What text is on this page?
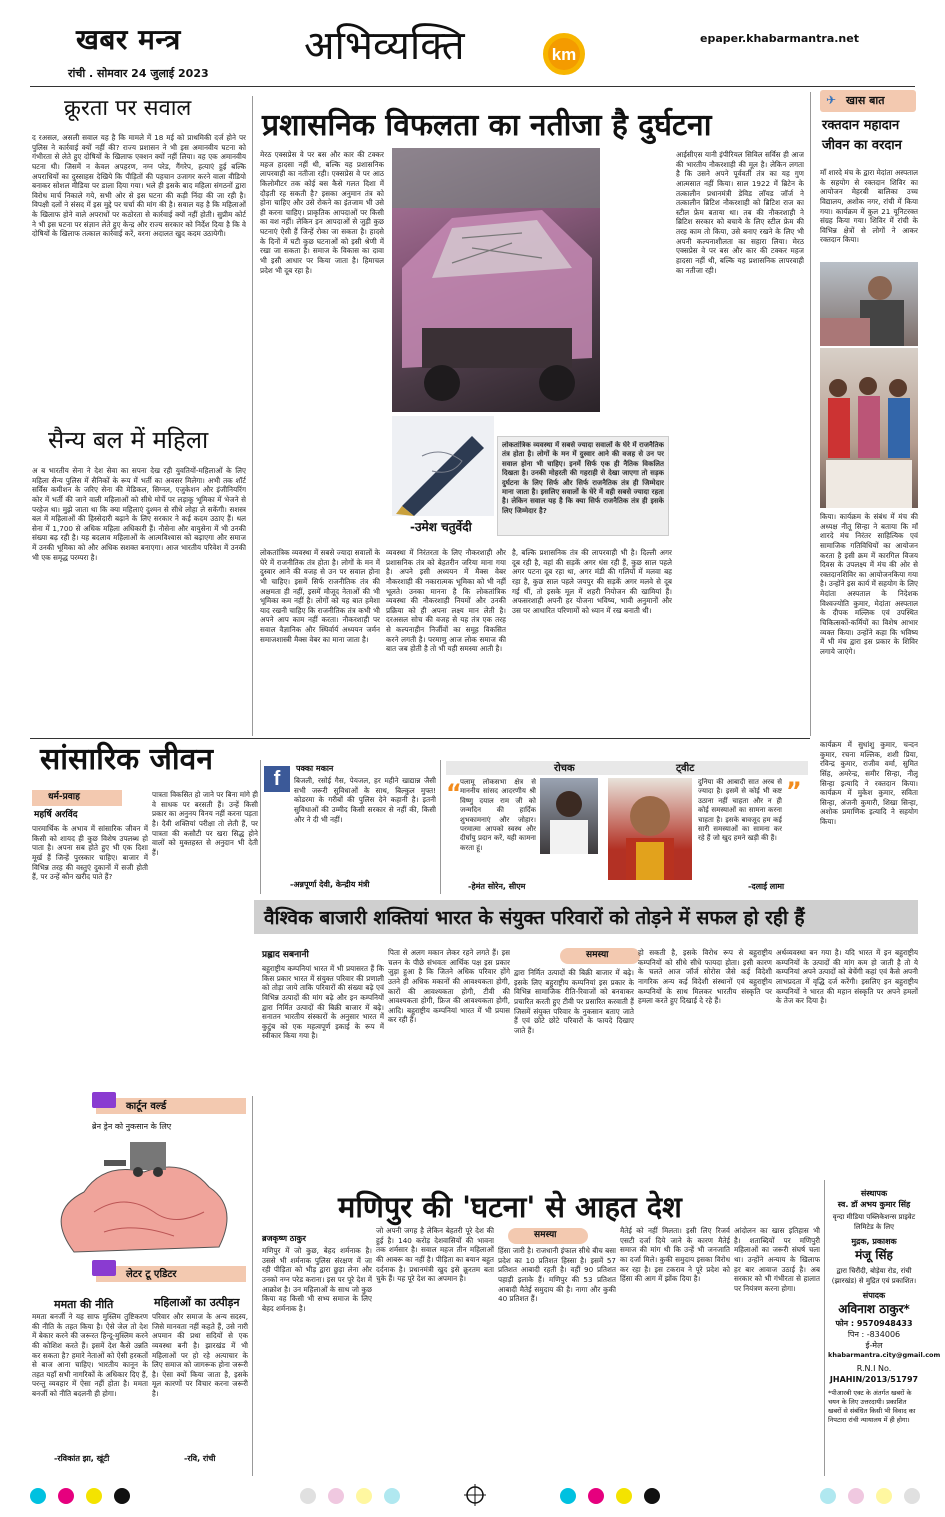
खबर मन्त्र
रांची . सोमवार 24 जुलाई 2023
अभिव्यक्ति	km
epaper.khabarmantra.net
क्रूरता पर सवाल
द रअसल, असली सवाल यह है कि मामले में 18 मई को प्राथमिकी दर्ज होने पर पुलिस ने कार्रवाई क्यों नहीं की? राज्य प्रशासन ने भी इस अमानवीय घटना को गंभीरता से लेते हुए दोषियों के खिलाफ एक्शन क्यों नहीं लिया। वह एक अमानवीय घटना थी। जिसमें न केवल अपहरण, नग्न परेड, गैंगरेप, हत्याएं हुई बल्कि अपराधियों का दुस्साहस देखिये कि पीड़ितों की पहचान उजागर करने वाला वीडियो बनाकर सोशल मीडिया पर डाला दिया गया। भले ही इसके बाद महिला संगठनों द्वारा विरोध मार्च निकाले गये, सभी ओर से इस घटना की कड़ी निंदा की जा रही है। विपक्षी दलों ने संसद में इस मुद्दे पर चर्चा की मांग की है। सवाल यह है कि महिलाओं के खिलाफ होने वाले अपराधों पर कठोरता से कार्रवाई क्यों नहीं होती। सुप्रीम कोर्ट ने भी इस घटना पर संज्ञान लेते हुए केन्द्र और राज्य सरकार को निर्देश दिया है कि वे दोषियों के खिलाफ तत्काल कार्रवाई करें, वरना अदालत खुद कदम उठायेगी।
सैन्य बल में महिला
अ ब भारतीय सेना ने देश सेवा का सपना देख रही युवतियों-महिलाओं के लिए महिला सैन्य पुलिस में सैनिकों के रूप में भर्ती का अवसर मिलेगा। अभी तक शॉर्ट सर्विस कमीशन के जरिए सेना की मेडिकल, सिग्नल, एजुकेशन और इंजीनियरिंग कोर में भर्ती की जाने वाली महिलाओं को सीधे मोर्चे पर लड़ाकू भूमिका में भेजने से परहेज था। मुझे जाता था कि क्या महिलाएं दुश्मन से सीधे लोहा ले सकेंगी। सशस्त्र बल में महिलाओं की हिस्सेदारी बढ़ाने के लिए सरकार ने कई कदम उठाए हैं। थल सेना में 1,700 से अधिक महिला अधिकारी हैं। नौसेना और वायुसेना में भी उनकी संख्या बढ़ रही है। यह बदलाव महिलाओं के आत्मविश्वास को बढ़ाएगा और समाज में उनकी भूमिका को और अधिक सशक्त बनाएगा। आज भारतीय परिवेश में उनकी भी एक समृद्ध परम्परा है।
प्रशासनिक विफलता का नतीजा है दुर्घटना
मेरठ एक्सप्रेस वे पर बस और कार की टक्कर महज हादसा नहीं थी, बल्कि यह प्रशासनिक लापरवाही का नतीजा रही। एक्सप्रेस वे पर आठ किलोमीटर तक कोई बस कैसे गलत दिशा में दौड़ती रह सकती है? इसका अनुमान तंत्र को होना चाहिए और उसे रोकने का इंतजाम भी उसे ही करना चाहिए। प्राकृतिक आपदाओं पर किसी का वश नहीं। लेकिन इन आपदाओं से जुड़ी कुछ घटनाएं ऐसी हैं जिन्हें रोका जा सकता है। हादसे के दिनों में घटी कुछ घटनाओं को इसी श्रेणी में रखा जा सकता है। समाज के विकास का दावा भी इसी आधार पर किया जाता है। हिमाचल प्रदेश भी दूब रहा है।
-उमेश चतुर्वेदी
लोकतांत्रिक व्यवस्था में सबसे ज्यादा सवालों के घेरे में राजनैतिक तंत्र होता है। लोगों के मन में दुस्वार आने की वजह से उन पर सवाल होना भी चाहिए। इनमें सिर्फ एक ही नैतिक विकलित दिखता है। उनकी मोहरती की गहराही से देखा जाएगा तो सड़क दुर्घटना के लिए सिर्फ और सिर्फ राजनैतिक तंत्र ही जिम्मेदार माना जाता है। इसलिए सवालों के घेरे में वही सबसे ज्यादा रहता है। लेकिन सवाल यह है कि क्या सिर्फ राजनैतिक तंत्र ही इसके लिए जिम्मेदार है?
लोकतांत्रिक व्यवस्था में सबसे ज्यादा सवालों के घेरे में राजनीतिक तंत्र होता है। लोगों के मन में दुस्वार आने की वजह से उन पर सवाल होना भी चाहिए। इसमें सिर्फ राजनीतिक तंत्र की अक्षमता ही नहीं, इसमें मौजूद नेताओं की भी भूमिका कम नहीं है। लोगों को यह बात हमेशा याद रखनी चाहिए कि राजनीतिक तंत्र कभी भी अपने आप काम नहीं करता। नौकरशाही पर सवाल वैज्ञानिक और स्थिर्वार्य अध्ययन जर्मन समाजशास्त्री मैक्स वेबर का माना जाता है।
व्यवस्था में निरंतरता के लिए नौकरशाही और प्रशासनिक तंत्र को बेहतरीन जरिया माना गया है। अपने इसी अध्ययन में मैक्स वेबर नौकरशाही की नकारात्मक भूमिका को भी नहीं भूलते। उनका मानना है कि लोकतांत्रिक व्यवस्था की नौकरशाही नियमों और उनकी प्रक्रिया को ही अपना लक्ष्य मान लेती है। दरअसल सोच की वजह से यह तंत्र एक तरह से कल्पनाहीन निर्जीवों का समूह विकसित करने लगती है। परमाणु आज लोक समाज की बात जब होती है तो भी यही समस्या आती है।
है, बल्कि प्रशासनिक तंत्र की लापरवाही भी है। दिल्ली अगर दूब रही है, वहां की सड़कें अगर धंस रही हैं, कुछ साल पहले अगर पटना दूब रहा था, अगर मंडी की गलियों में मलवा बह रहा है, कुछ साल पहले जयपुर की सड़कें अगर मलवे से दूब गई थीं, तो इसके मूल में शहरी नियोजन की खामियां हैं। अफसरशाही अपनी हर योजना भविष्य, भावी अनुमानों और उस पर आधारित परिणामों को ध्यान में रख बनाती थी।
आईसीएस यानी इंपीरियल सिविल सर्विस ही आज की भारतीय नौकरशाही की मूल है। लेकिन लगता है कि उसने अपने पूर्ववर्ती तंत्र का यह गुण आत्मसात नहीं किया। साल 1922 में ब्रिटेन के तत्कालीन प्रधानमंत्री डेविड लॉयड जॉर्ज ने तत्कालीन ब्रिटिश नौकरशाही को ब्रिटिश राज का स्टील फ्रेम बताया था। तब की नौकरशाही ने ब्रिटिश सरकार को बचाये के लिए स्टील फ्रेम की तरह काम तो किया, उसे बनाए रखने के लिए भी अपनी कल्पनाशीलता का सहारा लिया। मेरठ एक्सप्रेस वे पर बस और कार की टक्कर महज हादसा नहीं थी, बल्कि यह प्रशासनिक लापरवाही का नतीजा रही।
खास बात
✈
रक्तदान महादान जीवन का वरदान
माँ शारदे मंच के द्वारा मेदांता अस्पताल के सहयोग से रक्तदान शिविर का आयोजन मेहरबी बालिका उच्च विद्यालय, अशोक नगर, रांची में किया गया। कार्यक्रम में कुल 21 यूनिटरक्त संग्रह किया गया। शिविर में रांची के विभिन्न क्षेत्रों से लोगों ने आकर रक्तदान किया।
किया। कार्यक्रम के संबंध में मंच की अध्यक्ष नीतू सिन्हा ने बताया कि माँ शारदे मंच निरंतर साहित्यिक एवं सामाजिक गतिविधियों का आयोजन करता है इसी क्रम में कारगिल विजय दिवस के उपलक्ष्य में मंच की ओर से रक्तदानशिविर का आयोजनकिया गया है। उन्होंने इस कार्य में सहयोग के लिए मेदांता अस्पताल के निदेशक विश्वज्योति कुमार, मेदांता अस्पताल के दीपक मल्लिक एवं उपस्थित चिकित्सकों-कर्मियों का विशेष आभार व्यक्त किया। उन्होंने कहा कि भविष्य में भी मंच द्वारा इस प्रकार के शिविर लगाये जाएंगे।
सांसारिक जीवन
धर्म-प्रवाह
महर्षि अरविंद
पारमार्थिक के अभाव में सांसारिक जीवन में किसी को शायद ही कुछ विशेष उपलब्ध हो पाता है। अपना सब होते हुए भी एक दिशा मूर्ख हैं जिन्हें पुरस्कार चाहिए। बाजार में विभिन्न तरह की वस्तुएं दुकानों में सजी होती हैं, पर उन्हें कौन खरीद पाते हैं?
पात्रता विकसित हो जाने पर बिना मांगे ही वे साधक पर बरसती हैं। उन्हें किसी प्रकार का अनुनय विनय नहीं करना पड़ता है। दैवी शक्तियां परीक्षा तो लेती हैं, पर पात्रता की कसौटी पर खरा सिद्ध होने वालों को मुक्तहस्त से अनुदान भी देती हैं।
f	पक्का मकान
बिजली, रसोई गैस, पेयजल, हर महीने खाद्यान्न जैसी सभी जरूरी सुविधाओं के साथ, बिल्कुल मुफ्त! कोडरमा के गरीबों की पुलिस देने कहानी है। इतनी सुविधाओं की उम्मीद किसी सरकार से नहीं की, किसी और ने दी भी नहीं।
-अन्नपूर्णा देवी, केन्द्रीय मंत्री
रोचक	ट्वीट
“
पलामू लोकसभा क्षेत्र से माननीय सांसद आदरणीय श्री विष्णु दयाल राम जी को जन्मदिन की हार्दिक शुभकामनाएं और जोहार। परमात्मा आपको स्वस्थ और दीर्घायु प्रदान करें, यही कामना करता हूं।
-हेमंत सोरेन, सीएम
दुनिया की आबादी सात अरब से ज्यादा है। इसमें से कोई भी कष्ट उठाना नहीं चाहता और न ही कोई समस्याओं का सामना करना चाहता है। इसके बावजूद हम कई सारी समस्याओं का सामना कर रहे हैं जो खुद हमने खड़ी की हैं।
”
-दलाई लामा
कार्यक्रम में सुधांशु कुमार, चन्दन कुमार, रचना मल्लिक, शशी प्रिया, रविन्द्र कुमार, राजीव वर्मा, सुमित सिंह, अमरेन्द्र, समीर सिन्हा, नीलू सिन्हा इत्यादि ने रक्तदान किया। कार्यक्रम में मुकेश कुमार, सविता सिन्हा, अंजनी कुमारी, शिखा सिन्हा, अशोक प्रमाणिक इत्यादि ने सहयोग किया।
वैश्विक बाजारी शक्तियां भारत के संयुक्त परिवारों को तोड़ने में सफल हो रही हैं
समस्या
प्रह्लाद सबनानी
बहुराष्ट्रीय कम्पनियां भारत में भी प्रयासरत हैं कि किस प्रकार भारत में संयुक्त परिवार की प्रणाली को तोड़ा जाये ताकि परिवारों की संख्या बढ़े एवं विभिन्न उत्पादों की मांग बढ़े और इन कम्पनियों द्वारा निर्मित उत्पादों की बिक्री बाजार में बढ़े। सनातन भारतीय संस्कारों के अनुसार भारत में कुटुंब को एक महत्वपूर्ण इकाई के रूप में स्वीकार किया गया है।
पिता से अलग मकान लेकर रहने लगते हैं। इस चलन के पीछे संभवतः आर्थिक पक्ष इस प्रकार जुड़ा हुआ है कि जितने अधिक परिवार होंगे उतने ही अधिक मकानों की आवश्यकता होगी, कारों की आवश्यकता होगी, टीवी की आवश्यकता होगी, फ्रिज की आवश्यकता होगी, आदि। बहुराष्ट्रीय कम्पनियां भारत में भी प्रयास कर रही हैं।
द्वारा निर्मित उत्पादों की बिक्री बाजार में बढ़े। इसके लिए बहुराष्ट्रीय कम्पनियां इस प्रकार के विभिन्न सामाजिक रीति-रिवाजों को बनवाकर प्रचारित करती हुए टीवी पर प्रसारित करवाती हैं जिसमें संयुक्त परिवार के नुकसान बताए जाते हैं एवं छोटे छोटे परिवारों के फायदे दिखाए जाते हैं।
हो सकती है, इसके विरोध रूप से बहुराष्ट्रीय कम्पनियों को सीधे सीधे फायदा होता। इसी कारण के चलते आज जॉर्ज सोरोस जैसे कई विदेशी नागरिक अन्य कई विदेशी संस्थानों एवं बहुराष्ट्रीय कम्पनियों के साथ मिलकर भारतीय संस्कृति पर हमला करते हुए दिखाई दे रहे हैं।
अर्थव्यवस्था बन गया है। यदि भारत में इन बहुराष्ट्रीय कम्पनियों के उत्पादों की मांग कम हो जाती है तो ये कम्पनियां अपने उत्पादों को बेचेंगी कहां एवं कैसे अपनी लाभप्रदता में वृद्धि दर्ज करेंगी। इसलिए इन बहुराष्ट्रीय कम्पनियों ने भारत की महान संस्कृति पर अपने हमलों के तेज कर दिया है।
कार्टून वर्ल्ड
ब्रेन ड्रेन को नुकसान के लिए
लेटर टू एडिटर
ममता की नीति
ममता बनर्जी ने यह साफ मुस्लिम तुष्टिकरण की नीति के तहत किया है। ऐसे जेल तो देश में बेकार करने की जरूरत हिन्दू-मुस्लिम करने की कोशिश करते हैं। इसमें देश कैसे उन्नति कर सकता है? हमारे नेताओं को ऐसी हरकतों से बाज आना चाहिए। भारतीय कानून के तहत यहाँ सभी नागरिकों के अधिकार दिए हैं, परन्तु व्यवहार में ऐसा नहीं होता है। ममता बनर्जी को नीति बदलनी ही होगा।
-रविकांत झा, खूंटी
महिलाओं का उत्पीड़न
परिवार और समाज के अन्य सदस्य, जिसे मानवता नहीं कहते हैं, उसे नारी अपमान की प्रथा सदियों से एक व्यवस्था बनी है। झारखंड में भी महिलाओं पर हो रहे अत्याचार के लिए समाज को जागरूक होना जरूरी है। ऐसा क्यों किया जाता है, इसके मूल कारणों पर विचार करना जरूरी है।
-रवि, रांची
मणिपुर की 'घटना' से आहत देश
समस्या
ब्रजकृष्ण ठाकुर
मणिपुर में जो कुछ, बेहद शर्मनाक है। उससे भी शर्मनाक पुलिस संरक्षण में जा रही पीड़िता को भीड़ द्वारा छुड़ा लेना और उनको नग्न परेड कराना। इस पर पूरे देश में आक्रोश है। उन महिलाओं के साथ जो कुछ किया वह किसी भी सभ्य समाज के लिए बेहद शर्मनाक है।
जो अपनी जगह है लेकिन बेहतरी पूरे देश की हुई है। 140 करोड़ देशवासियों की भावना तक शर्मसार है। सवाल महज तीन महिलाओं की आबरू का नहीं है। पीड़िता का बयान बहुत दर्दनाक है। प्रधानमंत्री खुद इसे क्रूरतम बता चुके हैं। यह पूरे देश का अपमान है।
हिंसा जारी है। राजधानी इंफाल सीधे बीच बसा प्रदेश का 10 प्रतिशत हिस्सा है। इसमें 57 प्रतिशत आबादी रहती है। वहीं 90 प्रतिशत पहाड़ी इलाके हैं। मणिपुर की 53 प्रतिशत आबादी मैतेई समुदाय की है। नागा और कुकी 40 प्रतिशत हैं।
मैतेई को नहीं मिलता। इसी लिए रिजर्व एसटी दर्जा दिये जाने के कारण मैतेई समाज की मांग थी कि उन्हें भी जनजाति का दर्जा मिले। कुकी समुदाय इसका विरोध कर रहा है। इस टकराव ने पूरे प्रदेश को हिंसा की आग में झोंक दिया है।
आंदोलन का खास इतिहास भी है। शताब्दियों पर मणिपुरी महिलाओं का जरूरी संघर्ष चला था। उन्होंने अन्याय के खिलाफ हर बार आवाज उठाई है। अब सरकार को भी गंभीरता से हालात पर नियंत्रण करना होगा।
संस्थापक
स्व. डॉ अभय कुमार सिंह
वृन्दा मीडिया पब्लिकेशन्स प्राइवेट लिमिटेड के लिए
मुद्रक, प्रकाशक
मंजू सिंह
द्वारा चिरौंदी, बोड़ेया रोड, रांची (झारखंड) से मुद्रित एवं प्रकाशित।
संपादक
अविनाश ठाकुर*
फोन : 9570948433
पिन : -834006
ई-मेल
khabarmantra.city@gmail.com
R.N.I No.
JHAHIN/2013/51797
*पीआरबी एक्ट के अंतर्गत खबरों के चयन के लिए उत्तरदायी। प्रकाशित खबरों से संबंधित किसी भी विवाद का निपटारा रांची न्यायालय में ही होगा।
